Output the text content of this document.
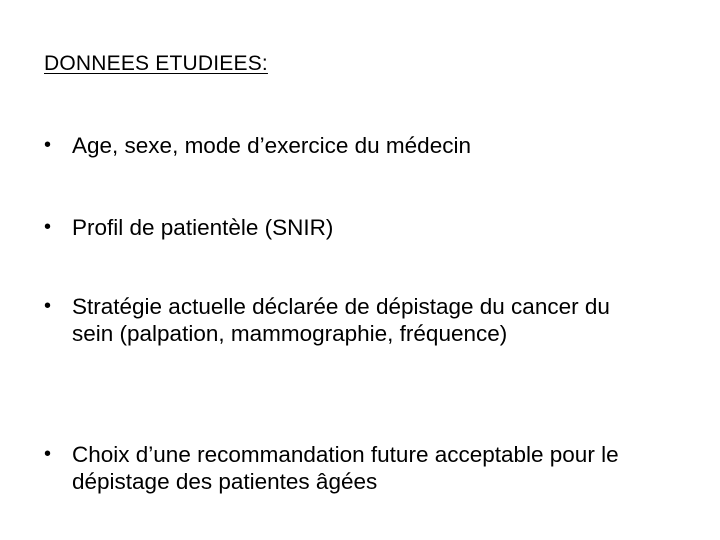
DONNEES ETUDIEES:
• Age, sexe, mode d’exercice du médecin
• Profil de patientèle (SNIR)
• Stratégie actuelle déclarée de dépistage du cancer du sein (palpation, mammographie, fréquence)
• Choix d’une recommandation future acceptable pour le dépistage des patientes âgées
